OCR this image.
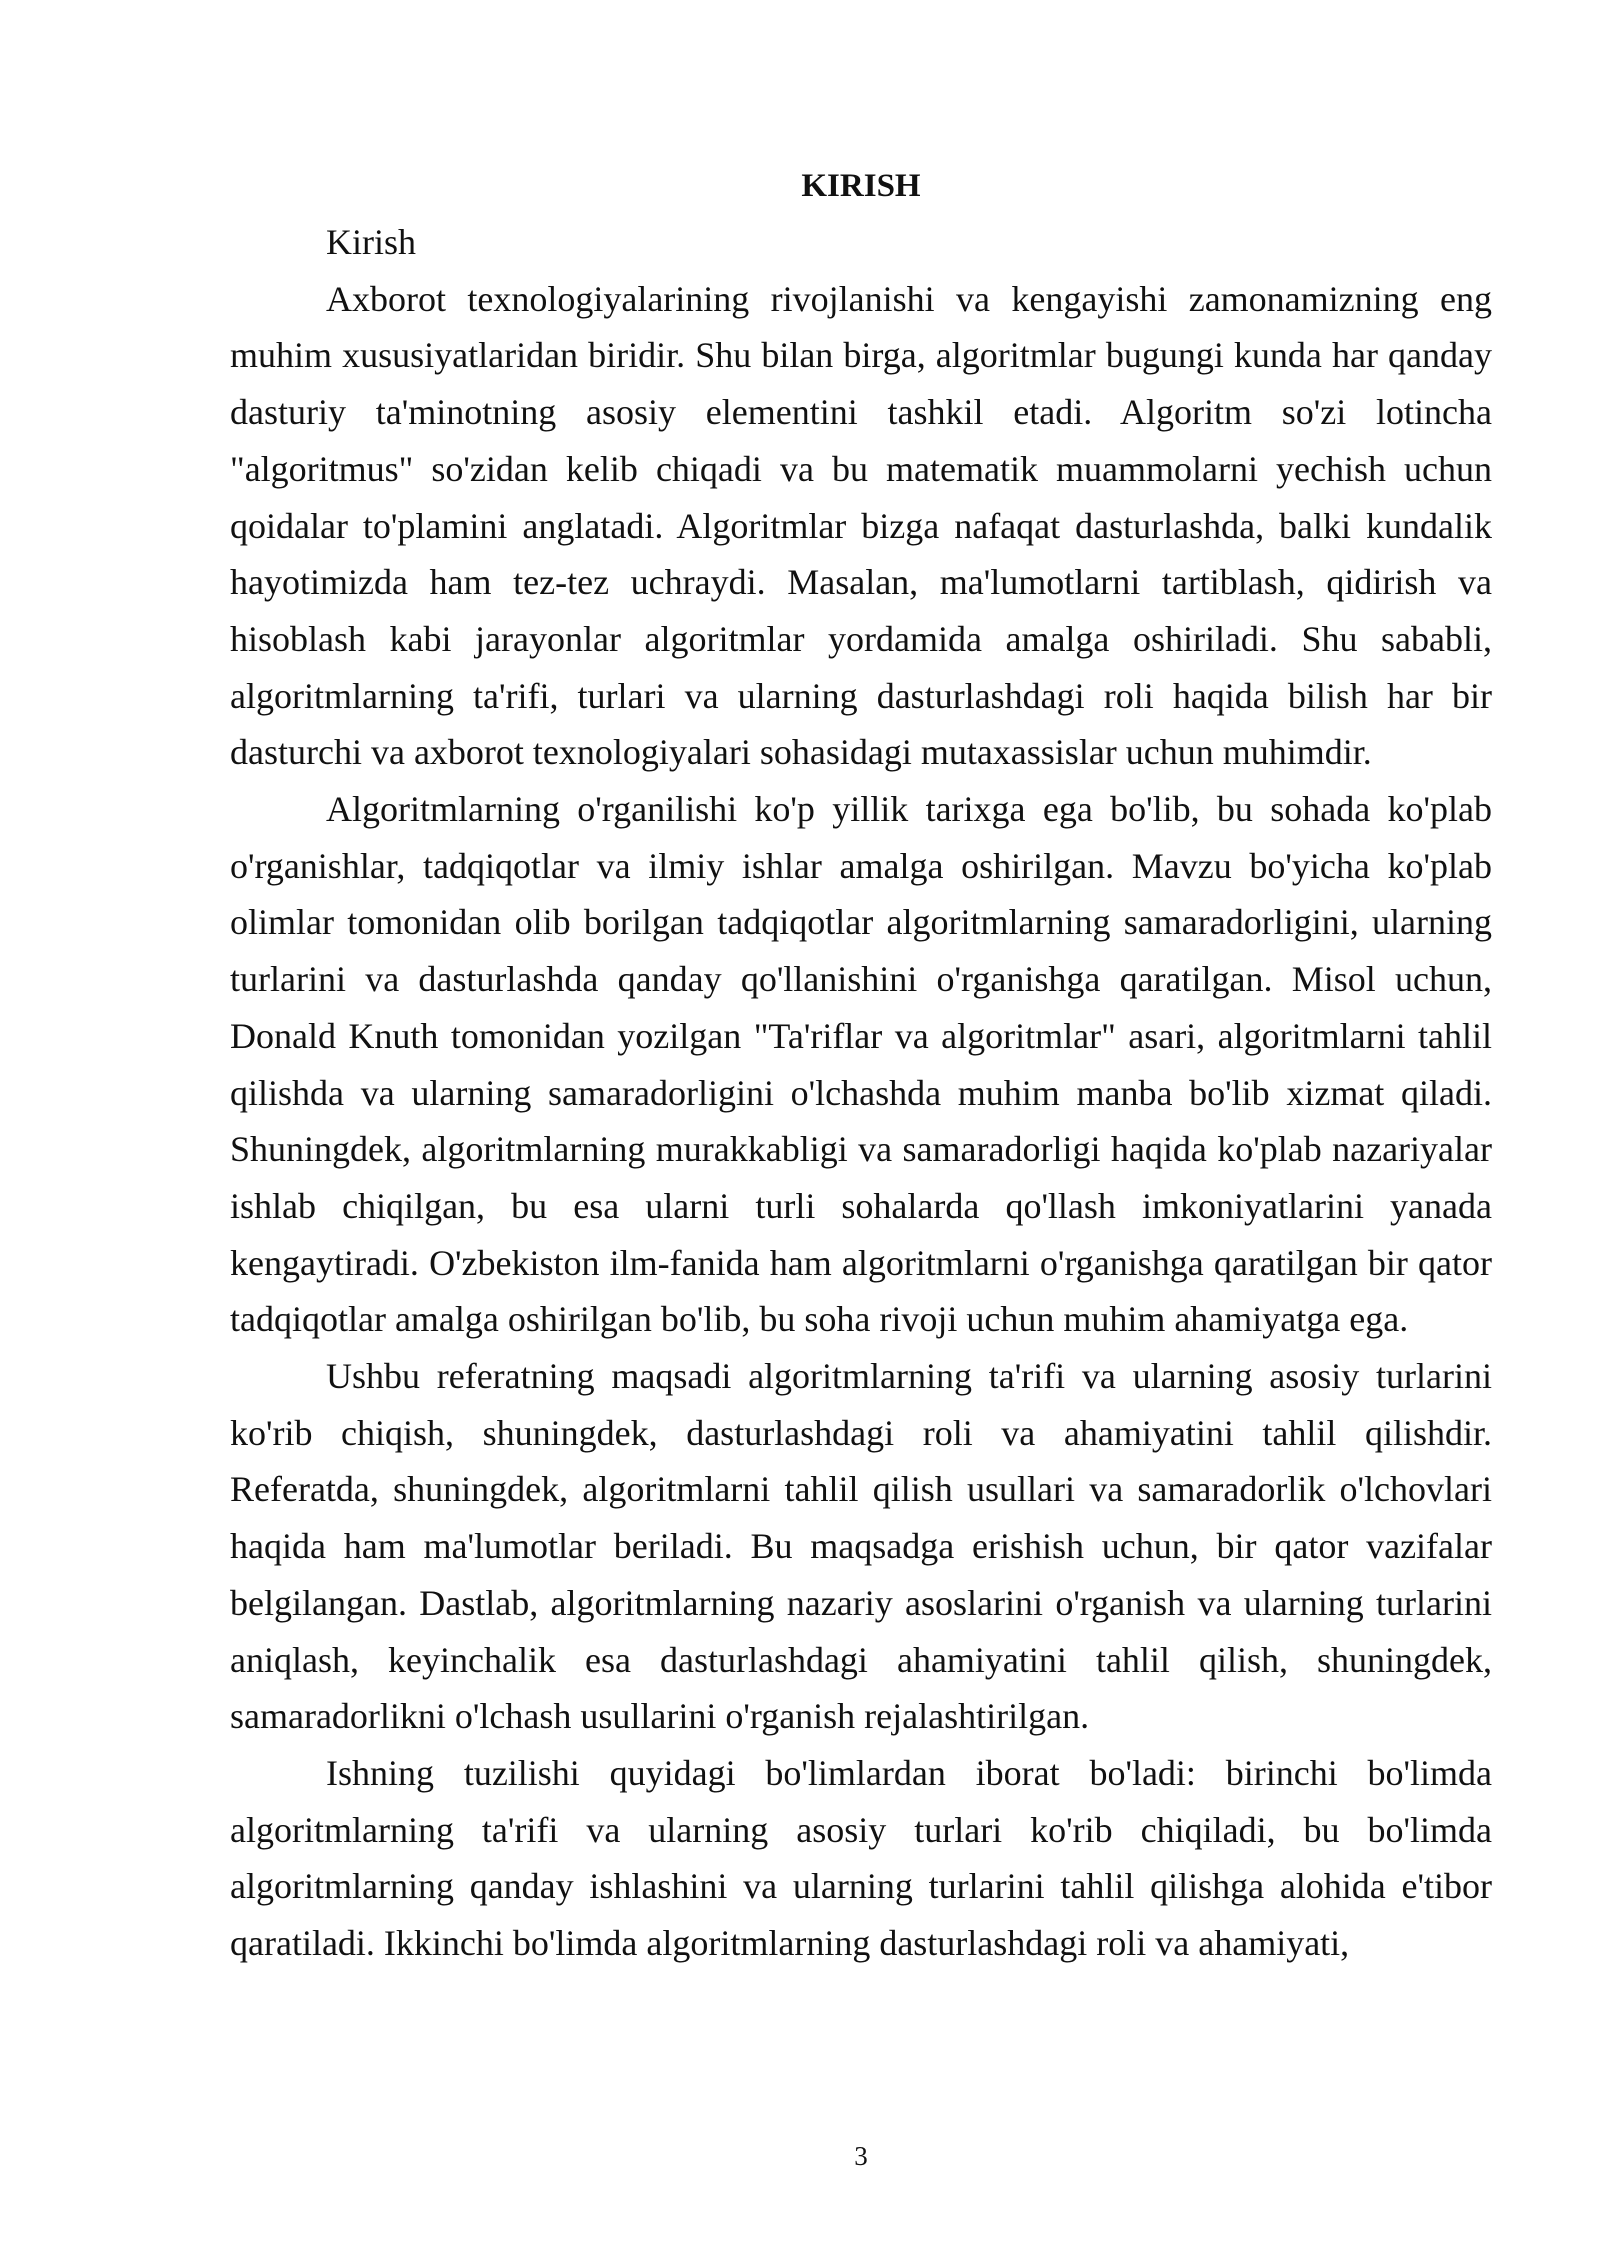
KIRISH

Kirish

Axborot texnologiyalarining rivojlanishi va kengayishi zamonamizning eng muhim xususiyatlaridan biridir. Shu bilan birga, algoritmlar bugungi kunda har qanday dasturiy ta'minotning asosiy elementini tashkil etadi. Algoritm so'zi lotincha "algoritmus" so'zidan kelib chiqadi va bu matematik muammolarni yechish uchun qoidalar to'plamini anglatadi. Algoritmlar bizga nafaqat dasturlashda, balki kundalik hayotimizda ham tez-tez uchraydi. Masalan, ma'lumotlarni tartiblash, qidirish va hisoblash kabi jarayonlar algoritmlar yordamida amalga oshiriladi. Shu sababli, algoritmlarning ta'rifi, turlari va ularning dasturlashdagi roli haqida bilish har bir dasturchi va axborot texnologiyalari sohasidagi mutaxassislar uchun muhimdir.

Algoritmlarning o'rganilishi ko'p yillik tarixga ega bo'lib, bu sohada ko'plab o'rganishlar, tadqiqotlar va ilmiy ishlar amalga oshirilgan. Mavzu bo'yicha ko'plab olimlar tomonidan olib borilgan tadqiqotlar algoritmlarning samaradorligini, ularning turlarini va dasturlashda qanday qo'llanishini o'rganishga qaratilgan. Misol uchun, Donald Knuth tomonidan yozilgan "Ta'riflar va algoritmlar" asari, algoritmlarni tahlil qilishda va ularning samaradorligini o'lchashda muhim manba bo'lib xizmat qiladi. Shuningdek, algoritmlarning murakkabligi va samaradorligi haqida ko'plab nazariyalar ishlab chiqilgan, bu esa ularni turli sohalarda qo'llash imkoniyatlarini yanada kengaytiradi. O'zbekiston ilm-fanida ham algoritmlarni o'rganishga qaratilgan bir qator tadqiqotlar amalga oshirilgan bo'lib, bu soha rivoji uchun muhim ahamiyatga ega.

Ushbu referatning maqsadi algoritmlarning ta'rifi va ularning asosiy turlarini ko'rib chiqish, shuningdek, dasturlashdagi roli va ahamiyatini tahlil qilishdir. Referatda, shuningdek, algoritmlarni tahlil qilish usullari va samaradorlik o'lchovlari haqida ham ma'lumotlar beriladi. Bu maqsadga erishish uchun, bir qator vazifalar belgilangan. Dastlab, algoritmlarning nazariy asoslarini o'rganish va ularning turlarini aniqlash, keyinchalik esa dasturlashdagi ahamiyatini tahlil qilish, shuningdek, samaradorlikni o'lchash usullarini o'rganish rejalashtirilgan.

Ishning tuzilishi quyidagi bo'limlardan iborat bo'ladi: birinchi bo'limda algoritmlarning ta'rifi va ularning asosiy turlari ko'rib chiqiladi, bu bo'limda algoritmlarning qanday ishlashini va ularning turlarini tahlil qilishga alohida e'tibor qaratiladi. Ikkinchi bo'limda algoritmlarning dasturlashdagi roli va ahamiyati,

3
